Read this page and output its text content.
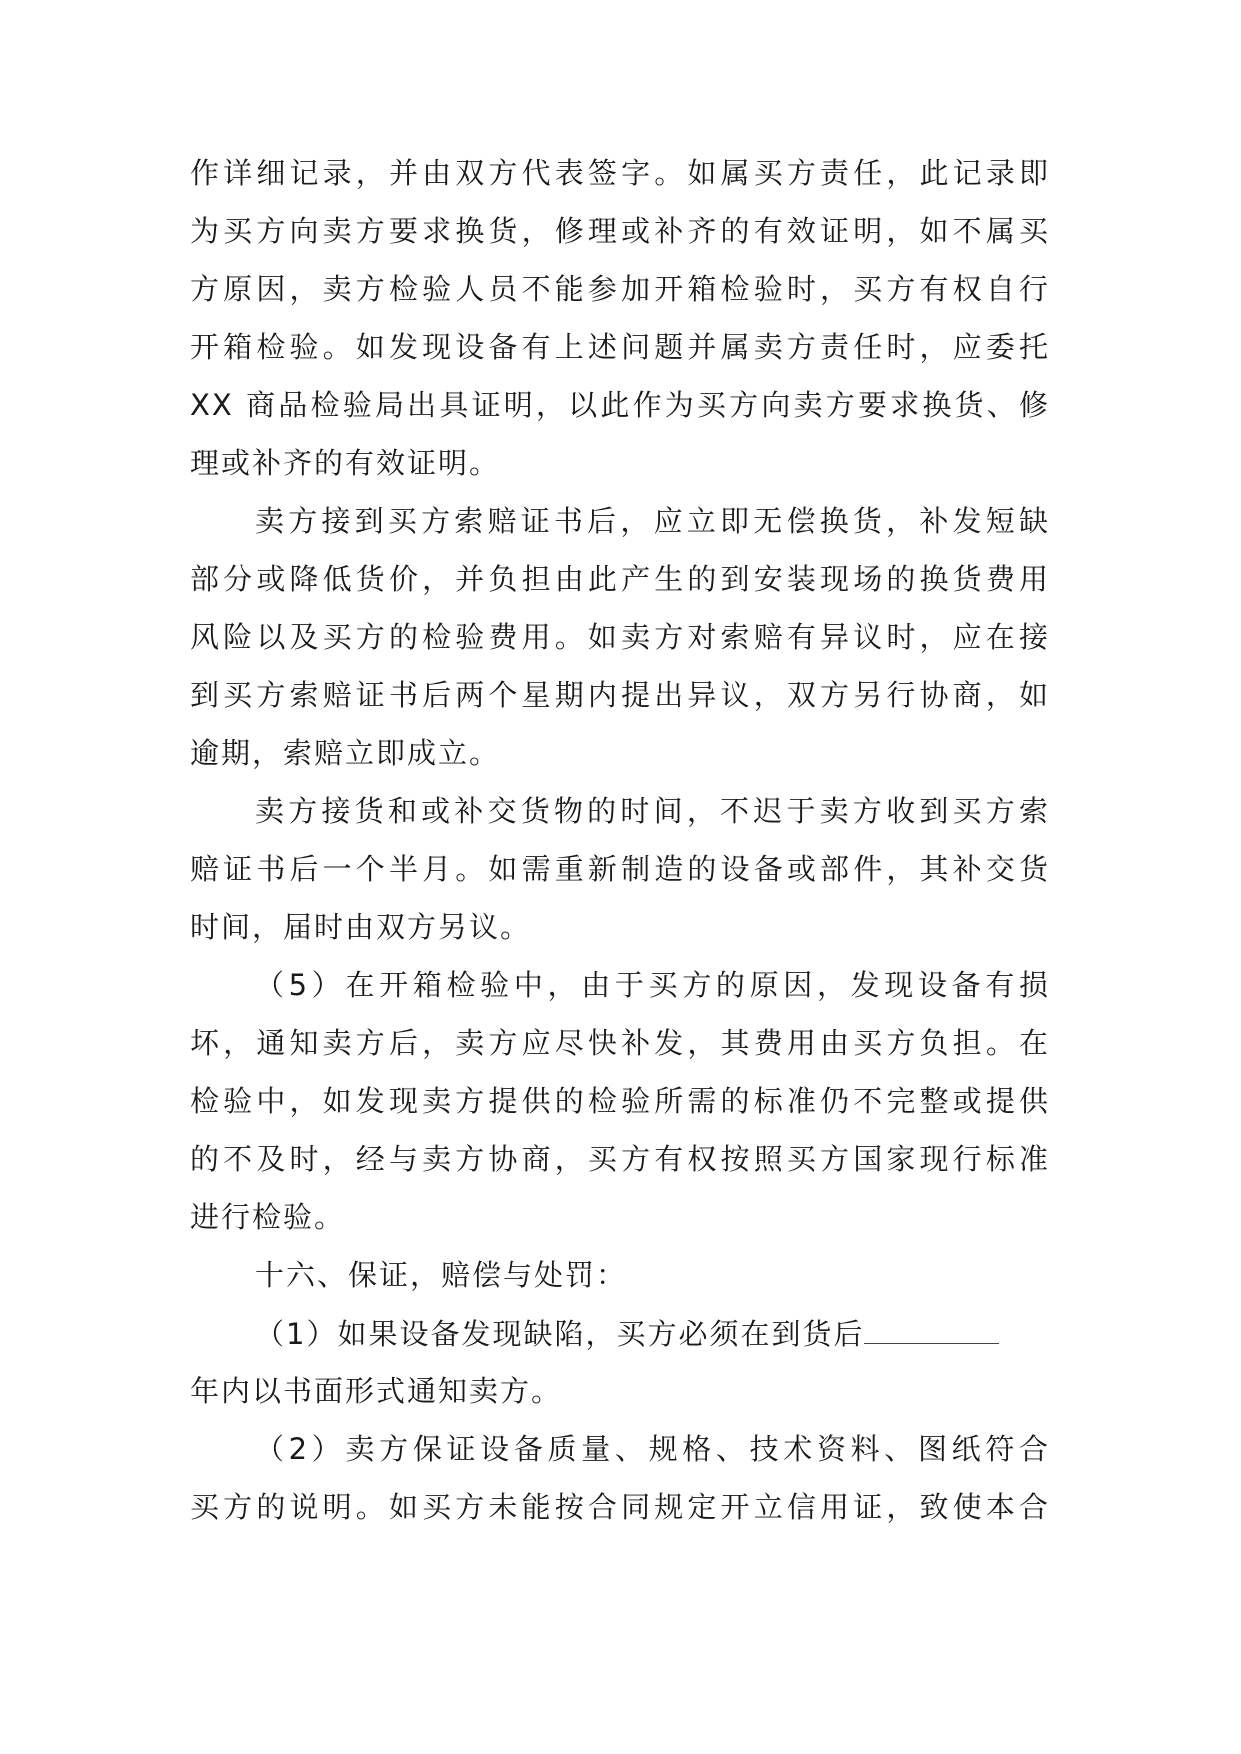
作详细记录，并由双方代表签字。如属买方责任，此记录即
为买方向卖方要求换货，修理或补齐的有效证明，如不属买
方原因，卖方检验人员不能参加开箱检验时，买方有权自行
开箱检验。如发现设备有上述问题并属卖方责任时，应委托
XX 商品检验局出具证明，以此作为买方向卖方要求换货、修
理或补齐的有效证明。
卖方接到买方索赔证书后，应立即无偿换货，补发短缺
部分或降低货价，并负担由此产生的到安装现场的换货费用
风险以及买方的检验费用。如卖方对索赔有异议时，应在接
到买方索赔证书后两个星期内提出异议，双方另行协商，如
逾期，索赔立即成立。
卖方接货和或补交货物的时间，不迟于卖方收到买方索
赔证书后一个半月。如需重新制造的设备或部件，其补交货
时间，届时由双方另议。
（5）在开箱检验中，由于买方的原因，发现设备有损
坏，通知卖方后，卖方应尽快补发，其费用由买方负担。在
检验中，如发现卖方提供的检验所需的标准仍不完整或提供
的不及时，经与卖方协商，买方有权按照买方国家现行标准
进行检验。
十六、保证，赔偿与处罚：
（1）如果设备发现缺陷，买方必须在到货后
年内以书面形式通知卖方。
（2）卖方保证设备质量、规格、技术资料、图纸符合
买方的说明。如买方未能按合同规定开立信用证，致使本合
